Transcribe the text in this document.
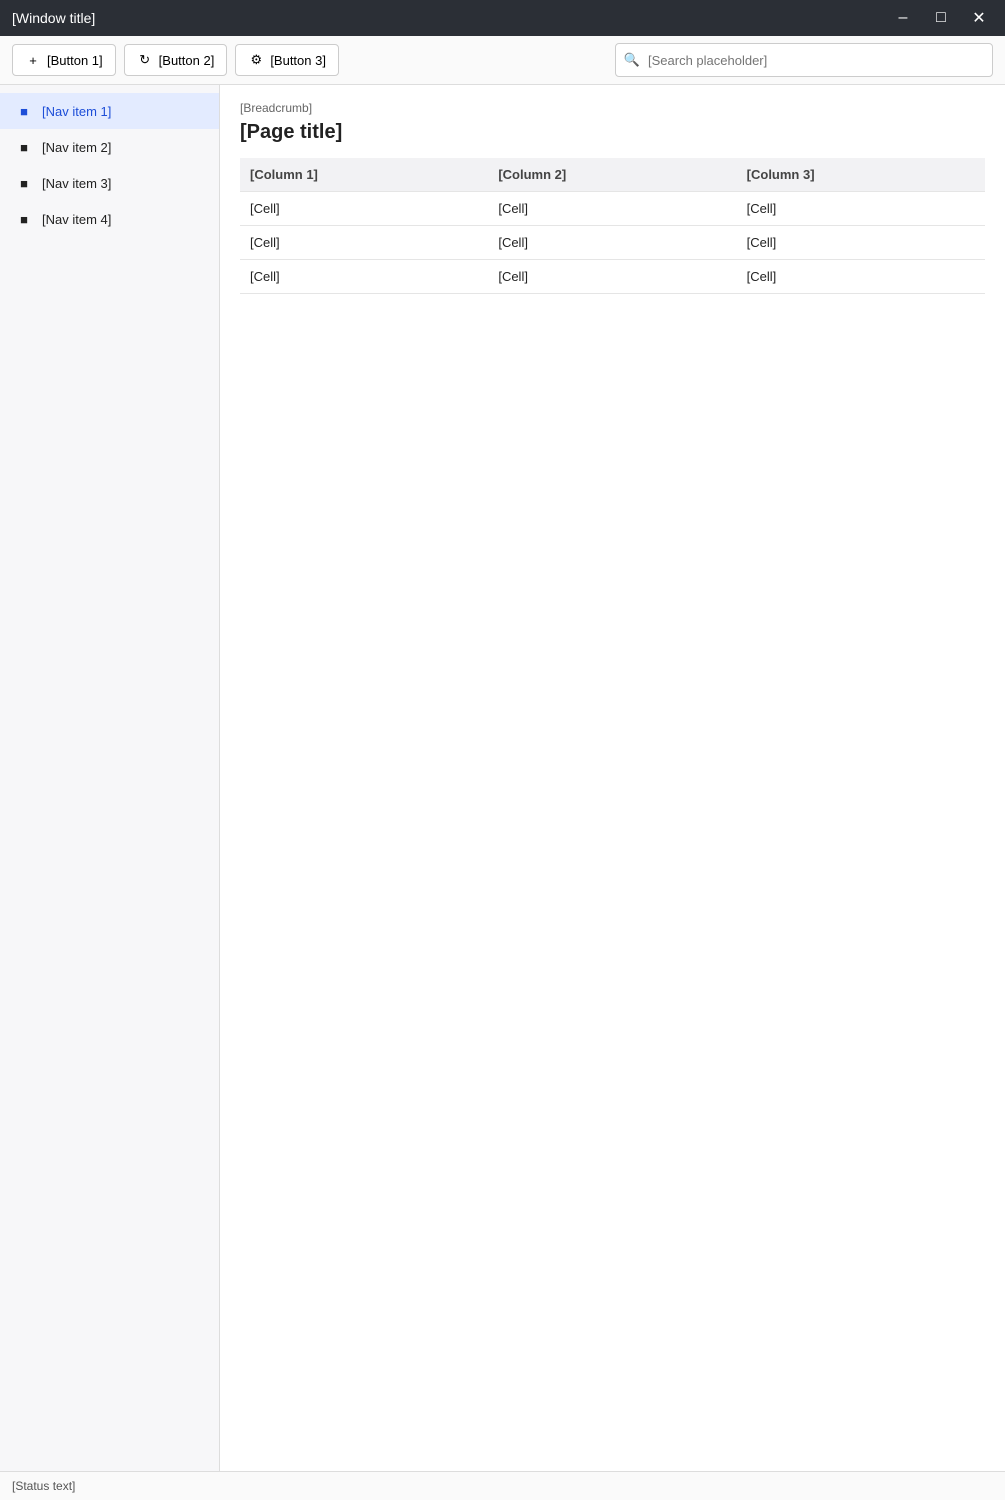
[Window title]	–	□	✕
+ [Button 1]	↻ [Button 2]	⚙ [Button 3]	🔍
[Search placeholder]
■	[Nav item 1]
■	[Nav item 2]
■	[Nav item 3]
■	[Nav item 4]
[Breadcrumb]
[Page title]
[Column 1]	[Column 2]	[Column 3]
[Cell]	[Cell]	[Cell]
[Cell]	[Cell]	[Cell]
[Cell]	[Cell]	[Cell]
[Status text]
